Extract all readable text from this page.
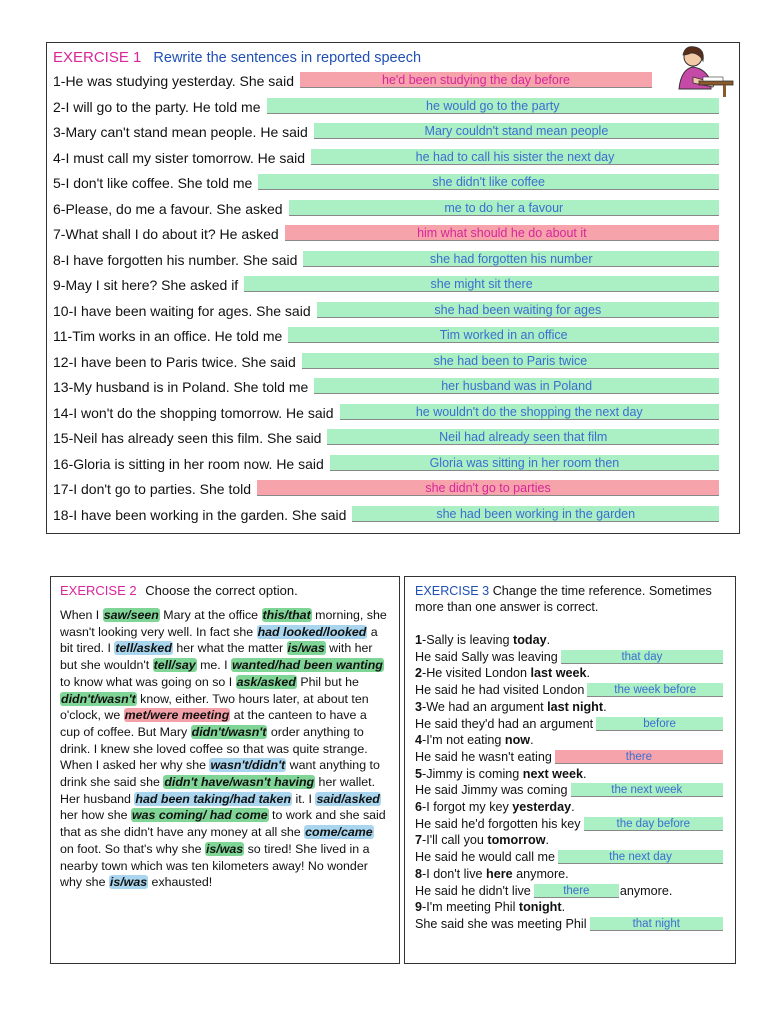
EXERCISE 1 Rewrite the sentences in reported speech
1-He was studying yesterday. She said	he'd been studying the day before
2-I will go to the party. He told me	he would go to the party
3-Mary can't stand mean people. He said	Mary couldn't stand mean people
4-I must call my sister tomorrow. He said	he had to call his sister the next day
5-I don't like coffee. She told me	she didn't like coffee
6-Please, do me a favour. She asked	me to do her a favour
7-What shall I do about it? He asked	him what should he do about it
8-I have forgotten his number. She said	she had forgotten his number
9-May I sit here? She asked if	she might sit there
10-I have been waiting for ages. She said	she had been waiting for ages
11-Tim works in an office. He told me	Tim worked in an office
12-I have been to Paris twice. She said	she had been to Paris twice
13-My husband is in Poland. She told me	her husband was in Poland
14-I won't do the shopping tomorrow. He said	he wouldn't do the shopping the next day
15-Neil has already seen this film. She said	Neil had already seen that film
16-Gloria is sitting in her room now. He said	Gloria was sitting in her room then
17-I don't go to parties. She told	she didn't go to parties
18-I have been working in the garden. She said	she had been working in the garden
EXERCISE 2 Choose the correct option.
When I saw/seen Mary at the office this/that morning, she wasn't looking very well. In fact she had looked/looked a bit tired. I tell/asked her what the matter is/was with her but she wouldn't tell/say me. I wanted/had been wanting to know what was going on so I ask/asked Phil but he didn't/wasn't know, either. Two hours later, at about ten o'clock, we met/were meeting at the canteen to have a cup of coffee. But Mary didn't/wasn't order anything to drink. I knew she loved coffee so that was quite strange. When I asked her why she wasn't/didn't want anything to drink she said she didn't have/wasn't having her wallet. Her husband had been taking/had taken it. I said/asked her how she was coming/ had come to work and she said that as she didn't have any money at all she come/came on foot. So that's why she is/was so tired! She lived in a nearby town which was ten kilometers away! No wonder why she is/was exhausted!
EXERCISE 3 Change the time reference. Sometimes more than one answer is correct.
1-Sally is leaving today.
He said Sally was leaving	that day
2-He visited London last week.
He said he had visited London	the week before
3-We had an argument last night.
He said they'd had an argument	before
4-I'm not eating now.
He said he wasn't eating	there
5-Jimmy is coming next week.
He said Jimmy was coming	the next week
6-I forgot my key yesterday.
He said he'd forgotten his key	the day before
7-I'll call you tomorrow.
He said he would call me	the next day
8-I don't live here anymore.
He said he didn't live	there	anymore.
9-I'm meeting Phil tonight.
She said she was meeting Phil	that night
